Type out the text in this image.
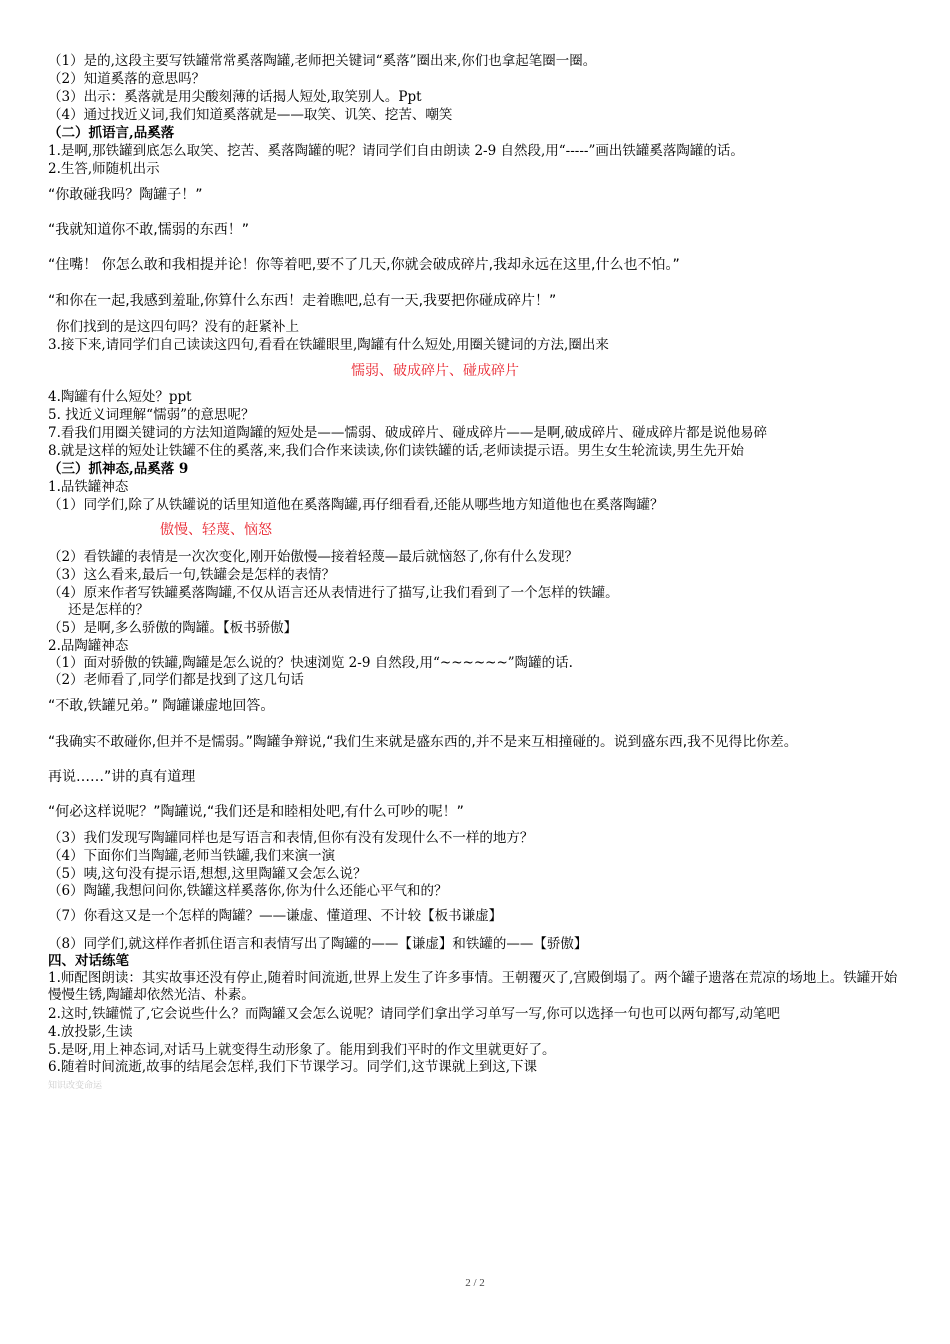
（1）是的,这段主要写铁罐常常奚落陶罐,老师把关键词“奚落”圈出来,你们也拿起笔圈一圈。
（2）知道奚落的意思吗？
（3）出示：奚落就是用尖酸刻薄的话揭人短处,取笑别人。Ppt
（4）通过找近义词,我们知道奚落就是——取笑、讥笑、挖苦、嘲笑
（二）抓语言,品奚落
1.是啊,那铁罐到底怎么取笑、挖苦、奚落陶罐的呢？请同学们自由朗读 2-9 自然段,用“-----”画出铁罐奚落陶罐的话。
2.生答,师随机出示
“你敢碰我吗？陶罐子！”
“我就知道你不敢,懦弱的东西！”
“住嘴！ 你怎么敢和我相提并论！你等着吧,要不了几天,你就会破成碎片,我却永远在这里,什么也不怕。”
“和你在一起,我感到羞耻,你算什么东西！走着瞧吧,总有一天,我要把你碰成碎片！”
你们找到的是这四句吗？没有的赶紧补上
3.接下来,请同学们自己读读这四句,看看在铁罐眼里,陶罐有什么短处,用圈关键词的方法,圈出来
懦弱、破成碎片、碰成碎片
4.陶罐有什么短处？ppt
5. 找近义词理解“懦弱”的意思呢？
7.看我们用圈关键词的方法知道陶罐的短处是——懦弱、破成碎片、碰成碎片——是啊,破成碎片、碰成碎片都是说他易碎
8.就是这样的短处让铁罐不住的奚落,来,我们合作来读读,你们读铁罐的话,老师读提示语。男生女生轮流读,男生先开始
（三）抓神态,品奚落 9
1.品铁罐神态
（1）同学们,除了从铁罐说的话里知道他在奚落陶罐,再仔细看看,还能从哪些地方知道他也在奚落陶罐？
傲慢、轻蔑、恼怒
（2）看铁罐的表情是一次次变化,刚开始傲慢—接着轻蔑—最后就恼怒了,你有什么发现？
（3）这么看来,最后一句,铁罐会是怎样的表情？
（4）原来作者写铁罐奚落陶罐,不仅从语言还从表情进行了描写,让我们看到了一个怎样的铁罐。
还是怎样的？
（5）是啊,多么骄傲的陶罐。【板书骄傲】
2.品陶罐神态
（1）面对骄傲的铁罐,陶罐是怎么说的？快速浏览 2-9 自然段,用“~~~~~~”陶罐的话.
（2）老师看了,同学们都是找到了这几句话
“不敢,铁罐兄弟。” 陶罐谦虚地回答。
“我确实不敢碰你,但并不是懦弱。”陶罐争辩说,“我们生来就是盛东西的,并不是来互相撞碰的。说到盛东西,我不见得比你差。
再说……”讲的真有道理
“何必这样说呢？”陶罐说,“我们还是和睦相处吧,有什么可吵的呢！”
（3）我们发现写陶罐同样也是写语言和表情,但你有没有发现什么不一样的地方？
（4）下面你们当陶罐,老师当铁罐,我们来演一演
（5）咦,这句没有提示语,想想,这里陶罐又会怎么说？
（6）陶罐,我想问问你,铁罐这样奚落你,你为什么还能心平气和的？
（7）你看这又是一个怎样的陶罐？——谦虚、懂道理、不计较【板书谦虚】
（8）同学们,就这样作者抓住语言和表情写出了陶罐的——【谦虚】和铁罐的——【骄傲】
四、对话练笔
1.师配图朗读：其实故事还没有停止,随着时间流逝,世界上发生了许多事情。王朝覆灭了,宫殿倒塌了。两个罐子遗落在荒凉的场地上。铁罐开始慢慢生锈,陶罐却依然光洁、朴素。
2.这时,铁罐慌了,它会说些什么？而陶罐又会怎么说呢？请同学们拿出学习单写一写,你可以选择一句也可以两句都写,动笔吧
4.放投影,生读
5.是呀,用上神态词,对话马上就变得生动形象了。能用到我们平时的作文里就更好了。
6.随着时间流逝,故事的结尾会怎样,我们下节课学习。同学们,这节课就上到这,下课
知识改变命运
2 / 2
